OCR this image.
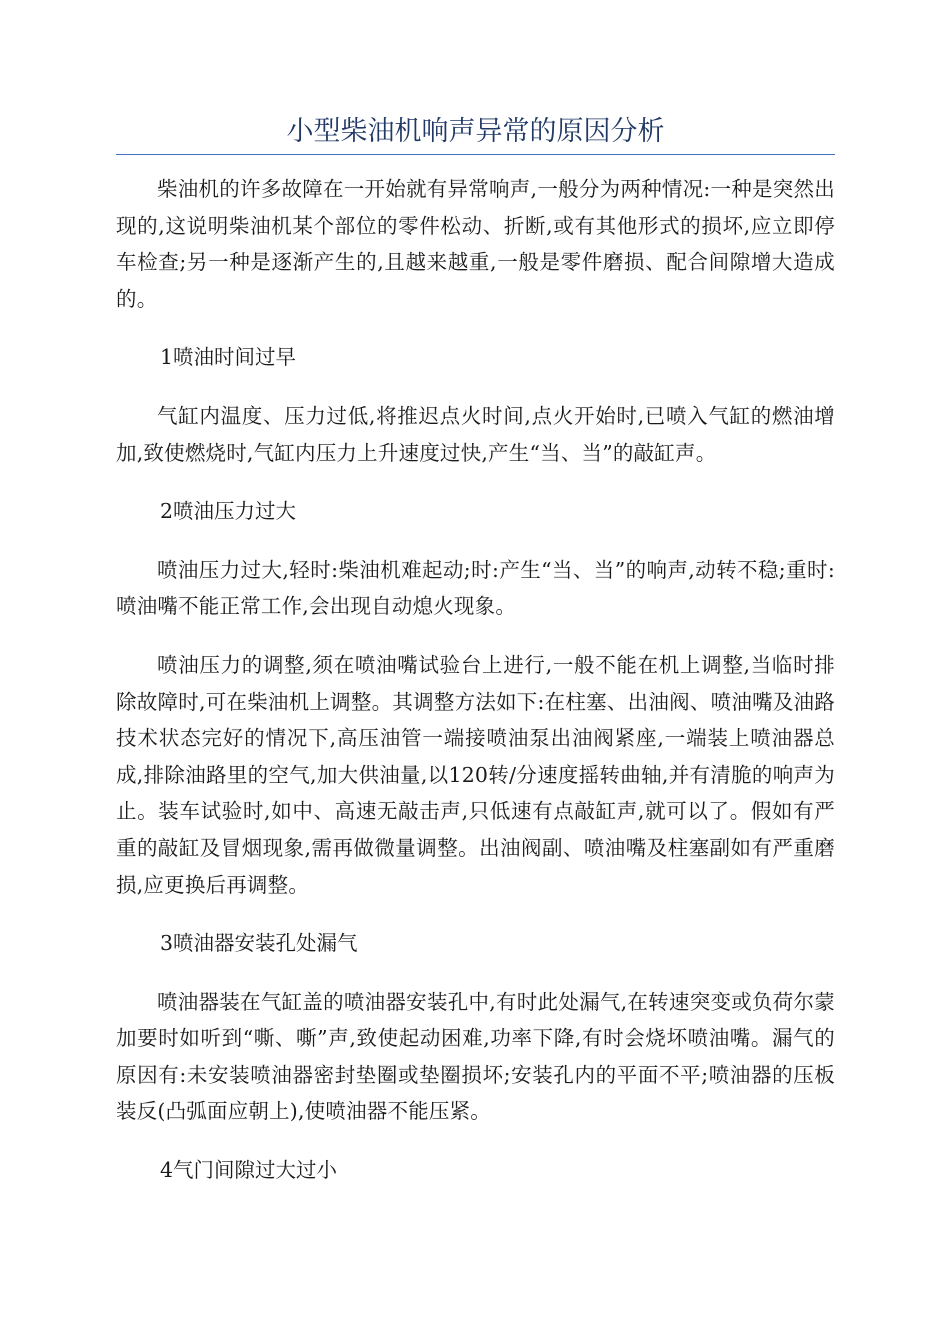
小型柴油机响声异常的原因分析

柴油机的许多故障在一开始就有异常响声,一般分为两种情况:一种是突然出现的,这说明柴油机某个部位的零件松动、折断,或有其他形式的损坏,应立即停车检查;另一种是逐渐产生的,且越来越重,一般是零件磨损、配合间隙增大造成的。

1喷油时间过早

气缸内温度、压力过低,将推迟点火时间,点火开始时,已喷入气缸的燃油增加,致使燃烧时,气缸内压力上升速度过快,产生“当、当”的敲缸声。

2喷油压力过大

喷油压力过大,轻时:柴油机难起动;时:产生“当、当”的响声,动转不稳;重时:喷油嘴不能正常工作,会出现自动熄火现象。

喷油压力的调整,须在喷油嘴试验台上进行,一般不能在机上调整,当临时排除故障时,可在柴油机上调整。其调整方法如下:在柱塞、出油阀、喷油嘴及油路技术状态完好的情况下,高压油管一端接喷油泵出油阀紧座,一端装上喷油器总成,排除油路里的空气,加大供油量,以120转/分速度摇转曲轴,并有清脆的响声为止。装车试验时,如中、高速无敲击声,只低速有点敲缸声,就可以了。假如有严重的敲缸及冒烟现象,需再做微量调整。出油阀副、喷油嘴及柱塞副如有严重磨损,应更换后再调整。

3喷油器安装孔处漏气

喷油器装在气缸盖的喷油器安装孔中,有时此处漏气,在转速突变或负荷尔蒙加要时如听到“嘶、嘶”声,致使起动困难,功率下降,有时会烧坏喷油嘴。漏气的原因有:未安装喷油器密封垫圈或垫圈损坏;安装孔内的平面不平;喷油器的压板装反(凸弧面应朝上),使喷油器不能压紧。

4气门间隙过大过小
